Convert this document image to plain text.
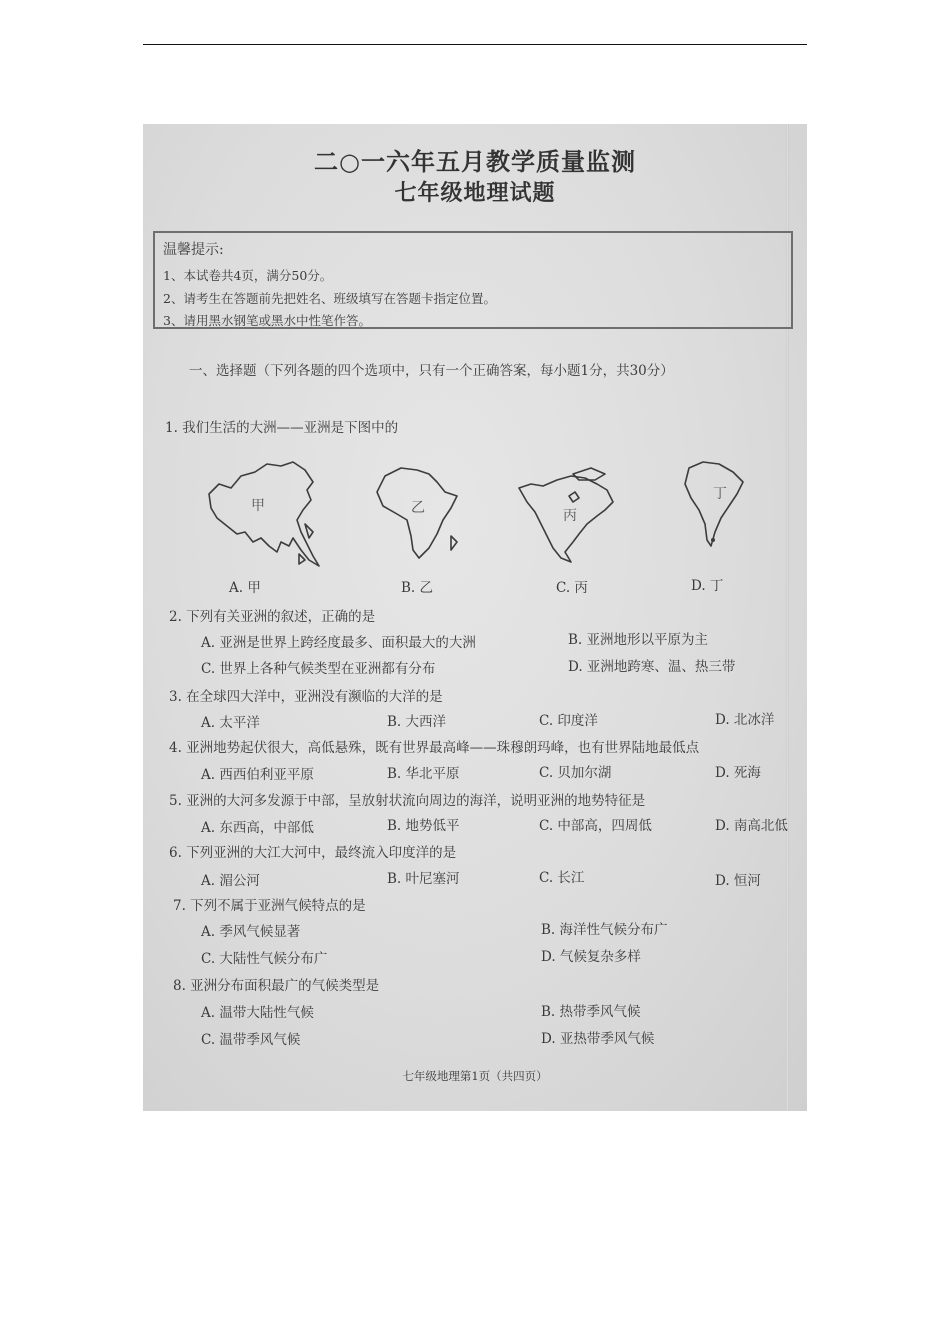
二○一六年五月教学质量监测
七年级地理试题
温馨提示:
1、本试卷共4页，满分50分。
2、请考生在答题前先把姓名、班级填写在答题卡指定位置。
3、请用黑水钢笔或黑水中性笔作答。
一、选择题（下列各题的四个选项中，只有一个正确答案，每小题1分，共30分）
1. 我们生活的大洲——亚洲是下图中的
甲	乙	丙
丁
A. 甲	B. 乙	C. 丙	D. 丁
2. 下列有关亚洲的叙述，正确的是
A. 亚洲是世界上跨经度最多、面积最大的大洲	B. 亚洲地形以平原为主
C. 世界上各种气候类型在亚洲都有分布	D. 亚洲地跨寒、温、热三带
3. 在全球四大洋中，亚洲没有濒临的大洋的是
A. 太平洋	B. 大西洋	C. 印度洋	D. 北冰洋
4. 亚洲地势起伏很大，高低悬殊，既有世界最高峰——珠穆朗玛峰，也有世界陆地最低点
A. 西西伯利亚平原	B. 华北平原	C. 贝加尔湖	D. 死海
5. 亚洲的大河多发源于中部，呈放射状流向周边的海洋，说明亚洲的地势特征是
A. 东西高，中部低	B. 地势低平	C. 中部高，四周低	D. 南高北低
6. 下列亚洲的大江大河中，最终流入印度洋的是
A. 湄公河	B. 叶尼塞河	C. 长江	D. 恒河
7. 下列不属于亚洲气候特点的是
A. 季风气候显著	B. 海洋性气候分布广
C. 大陆性气候分布广	D. 气候复杂多样
8. 亚洲分布面积最广的气候类型是
A. 温带大陆性气候	B. 热带季风气候
C. 温带季风气候	D. 亚热带季风气候
七年级地理第1页（共四页）
